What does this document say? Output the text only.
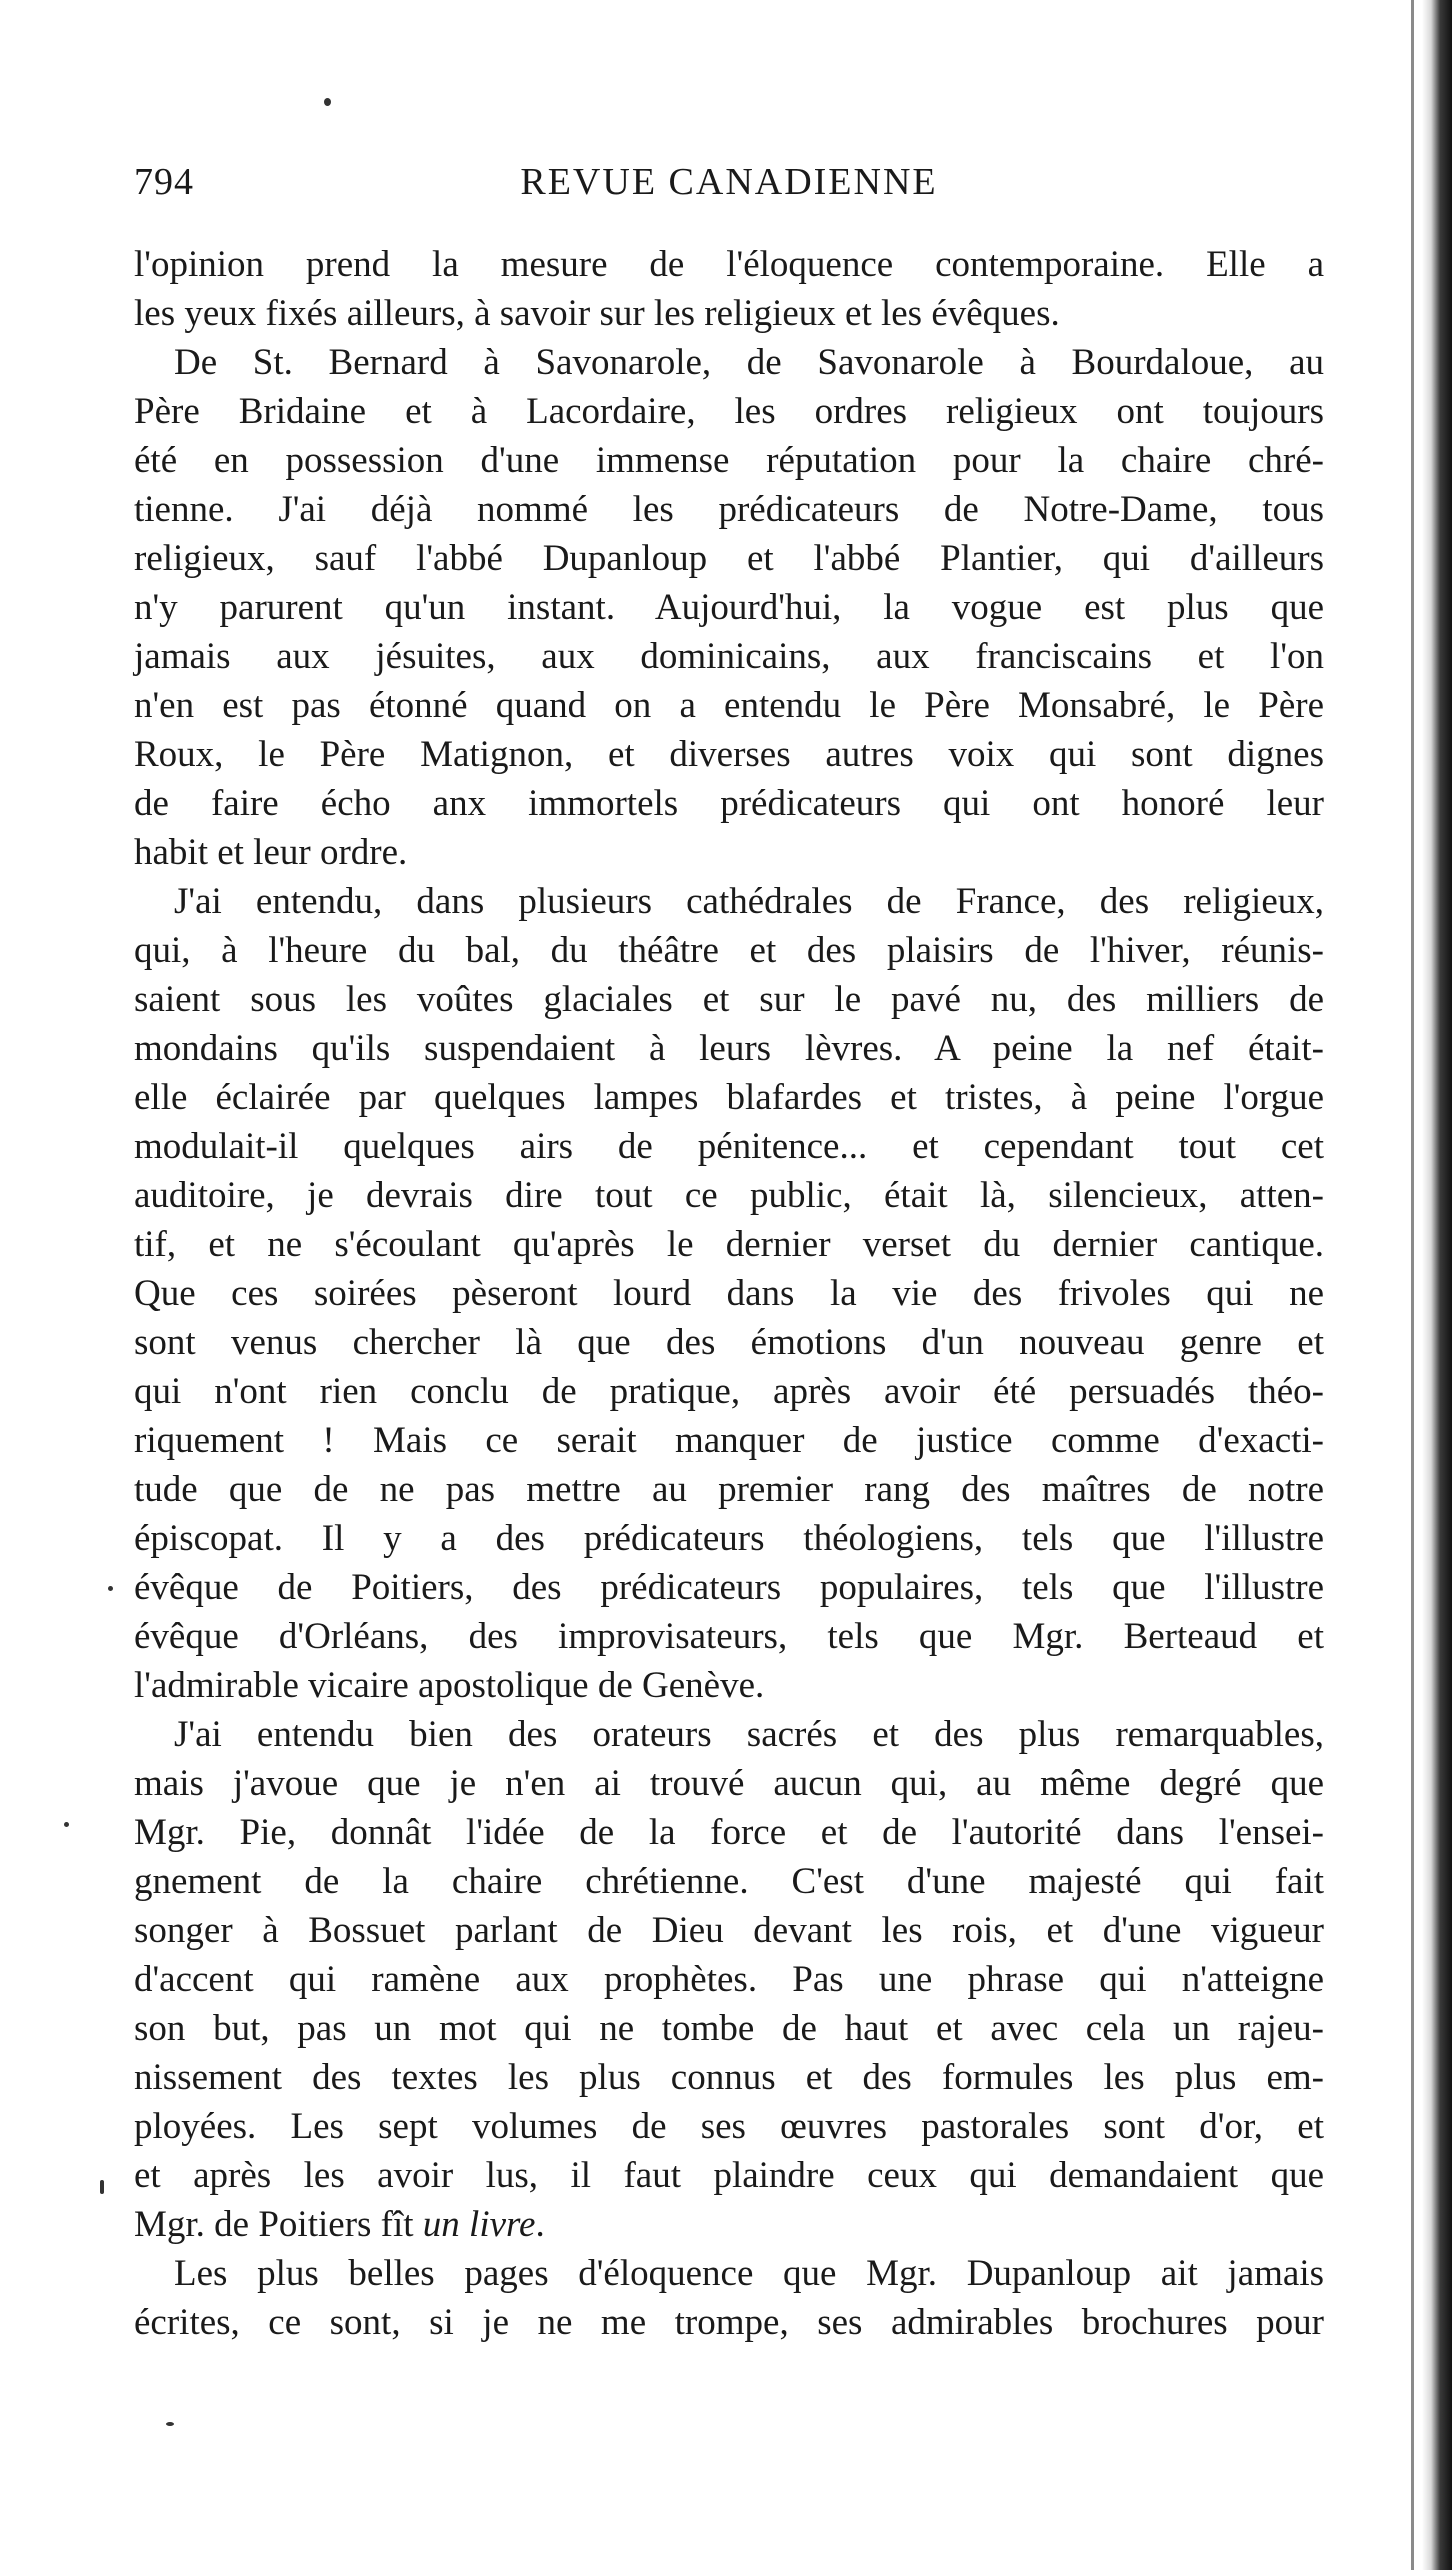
794	REVUE CANADIENNE
l'opinion prend la mesure de l'éloquence contemporaine. Elle a
les yeux fixés ailleurs, à savoir sur les religieux et les évêques.
De St. Bernard à Savonarole, de Savonarole à Bourdaloue, au
Père Bridaine et à Lacordaire, les ordres religieux ont toujours
été en possession d'une immense réputation pour la chaire chré-
tienne. J'ai déjà nommé les prédicateurs de Notre-Dame, tous
religieux, sauf l'abbé Dupanloup et l'abbé Plantier, qui d'ailleurs
n'y parurent qu'un instant. Aujourd'hui, la vogue est plus que
jamais aux jésuites, aux dominicains, aux franciscains et l'on
n'en est pas étonné quand on a entendu le Père Monsabré, le Père
Roux, le Père Matignon, et diverses autres voix qui sont dignes
de faire écho anx immortels prédicateurs qui ont honoré leur
habit et leur ordre.
J'ai entendu, dans plusieurs cathédrales de France, des religieux,
qui, à l'heure du bal, du théâtre et des plaisirs de l'hiver, réunis-
saient sous les voûtes glaciales et sur le pavé nu, des milliers de
mondains qu'ils suspendaient à leurs lèvres. A peine la nef était-
elle éclairée par quelques lampes blafardes et tristes, à peine l'orgue
modulait-il quelques airs de pénitence... et cependant tout cet
auditoire, je devrais dire tout ce public, était là, silencieux, atten-
tif, et ne s'écoulant qu'après le dernier verset du dernier cantique.
Que ces soirées pèseront lourd dans la vie des frivoles qui ne
sont venus chercher là que des émotions d'un nouveau genre et
qui n'ont rien conclu de pratique, après avoir été persuadés théo-
riquement ! Mais ce serait manquer de justice comme d'exacti-
tude que de ne pas mettre au premier rang des maîtres de notre
épiscopat. Il y a des prédicateurs théologiens, tels que l'illustre
évêque de Poitiers, des prédicateurs populaires, tels que l'illustre
évêque d'Orléans, des improvisateurs, tels que Mgr. Berteaud et
l'admirable vicaire apostolique de Genève.
J'ai entendu bien des orateurs sacrés et des plus remarquables,
mais j'avoue que je n'en ai trouvé aucun qui, au même degré que
Mgr. Pie, donnât l'idée de la force et de l'autorité dans l'ensei-
gnement de la chaire chrétienne. C'est d'une majesté qui fait
songer à Bossuet parlant de Dieu devant les rois, et d'une vigueur
d'accent qui ramène aux prophètes. Pas une phrase qui n'atteigne
son but, pas un mot qui ne tombe de haut et avec cela un rajeu-
nissement des textes les plus connus et des formules les plus em-
ployées. Les sept volumes de ses œuvres pastorales sont d'or, et
et après les avoir lus, il faut plaindre ceux qui demandaient que
Mgr. de Poitiers fît un livre.
Les plus belles pages d'éloquence que Mgr. Dupanloup ait jamais
écrites, ce sont, si je ne me trompe, ses admirables brochures pour
